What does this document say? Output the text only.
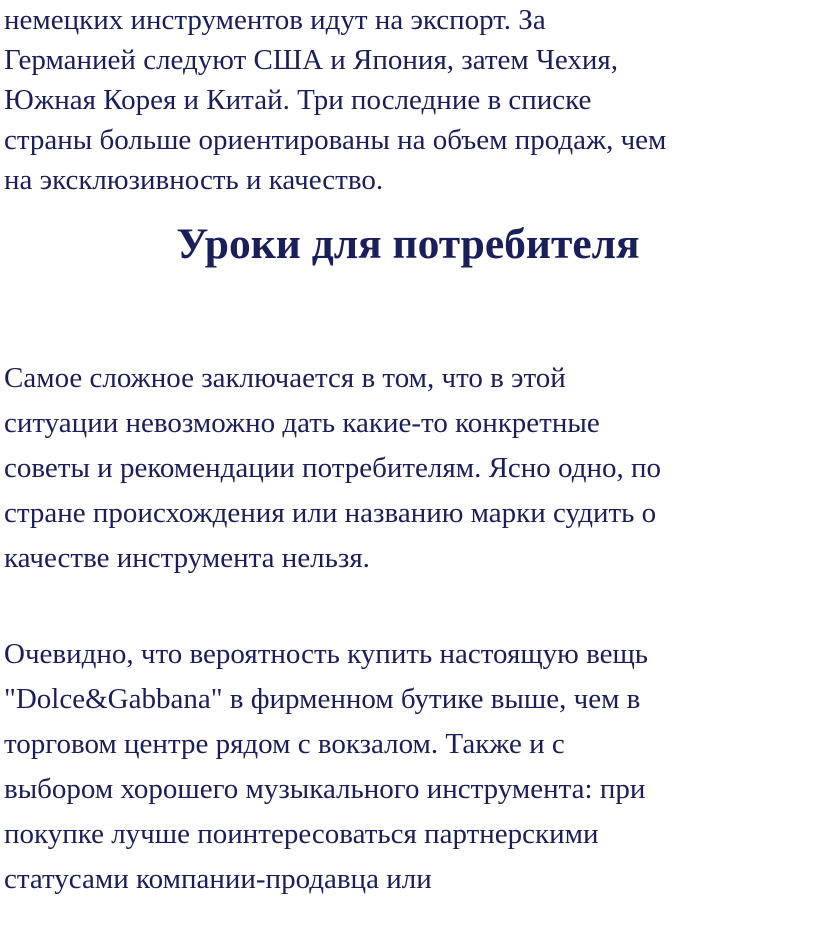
немецких инструментов идут на экспорт. За
Германией следуют США и Япония, затем Чехия,
Южная Корея и Китай. Три последние в списке
страны больше ориентированы на объем продаж, чем
на эксклюзивность и качество.

Уроки для потребителя

Самое сложное заключается в том, что в этой
ситуации невозможно дать какие-то конкретные
советы и рекомендации потребителям. Ясно одно, по
стране происхождения или названию марки судить о
качестве инструмента нельзя.

Очевидно, что вероятность купить настоящую вещь
"Dolce&Gabbana" в фирменном бутике выше, чем в
торговом центре рядом с вокзалом. Также и с
выбором хорошего музыкального инструмента: при
покупке лучше поинтересоваться партнерскими
статусами компании-продавца или
